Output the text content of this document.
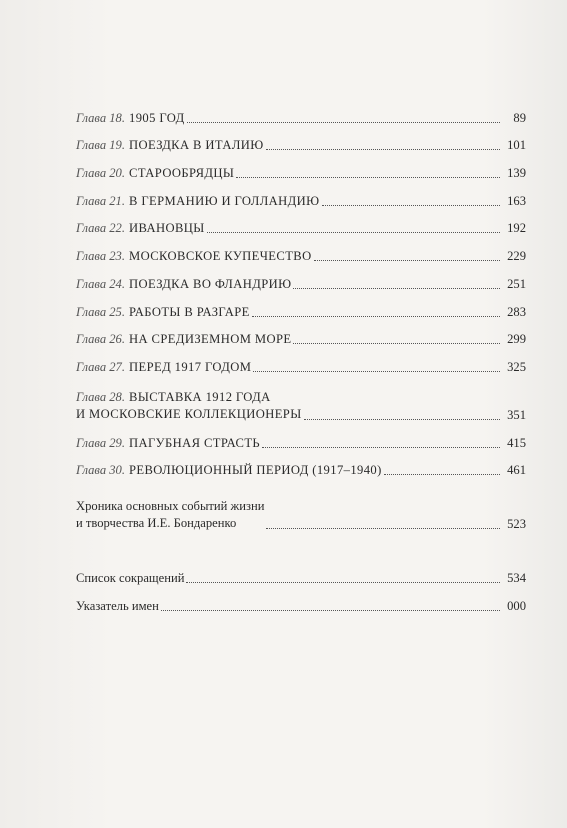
Глава 18. 1905 ГОД	89
Глава 19. ПОЕЗДКА В ИТАЛИЮ	101
Глава 20. СТАРООБРЯДЦЫ	139
Глава 21. В ГЕРМАНИЮ И ГОЛЛАНДИЮ	163
Глава 22. ИВАНОВЦЫ	192
Глава 23. МОСКОВСКОЕ КУПЕЧЕСТВО	229
Глава 24. ПОЕЗДКА ВО ФЛАНДРИЮ	251
Глава 25. РАБОТЫ В РАЗГАРЕ	283
Глава 26. НА СРЕДИЗЕМНОМ МОРЕ	299
Глава 27. ПЕРЕД 1917 ГОДОМ	325
Глава 28. ВЫСТАВКА 1912 ГОДА
И МОСКОВСКИЕ КОЛЛЕКЦИОНЕРЫ	351
Глава 29. ПАГУБНАЯ СТРАСТЬ	415
Глава 30. РЕВОЛЮЦИОННЫЙ ПЕРИОД (1917–1940)	461
Хроника основных событий жизни
и творчества И.Е. Бондаренко	523
Список сокращений	534
Указатель имен	000
